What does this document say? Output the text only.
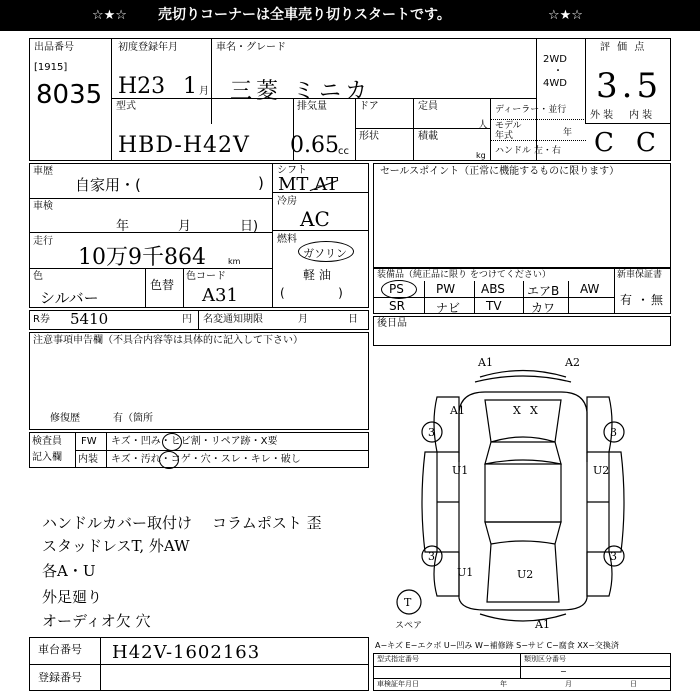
☆★☆ 売切りコーナーは全車売り切りスタートです。	☆★☆
出品番号
[1915]
8035
初度登録年月
H23 1 月
車名・グレード
三菱 ミニカ
2WD
・
4WD
評 価 点
3.5
型式
HBD-H42V
排気量
0.65 cc
ドア
形状
定員
人
積載
kg
ディーラー・並行
モデル
年式	年
ハンドル 左・右
外 装 内 装
C C
車歴
自家用・(	)
車検
年	月	日)
走行
10万9千864	km
色
シルバー
色替
色コード
A31
シフト
MT AT
冷房
AC
燃料
ガソリン
軽 油
(              )
R券 5410	円 名変通知期限	月	日
セールスポイント（正常に機能するものに限ります）
装備品（純正品に限り をつけてください）
PS	PW ABS エアB AW
SR	ナビ TV カワ
新車保証書
有 ・ 無
後日品
注意事項申告欄（不具合内容等は具体的に記入して下さい）
修復歴	有（箇所
検査員
記入欄
FW キズ・凹み・ヒビ割・リペア跡・X要
内装 キズ・汚れ・コゲ・穴・スレ・キレ・破し
ハンドルカバー取付け コラムポスト 歪
スタッドレスT, 外AW
各A・U
外足廻り
オーディオ欠 穴
A1	A2
A1
A1
U1	U2
U1	U2
X X
3	3
3	3
T
スペア
A−キズ E−エクボ U−凹み W−補修跡 S−サビ C−腐食 XX−交換済
車台番号 H42V-1602163
登録番号
型式指定番号	類別区分番号
−
車検証年月日	年	月	日
